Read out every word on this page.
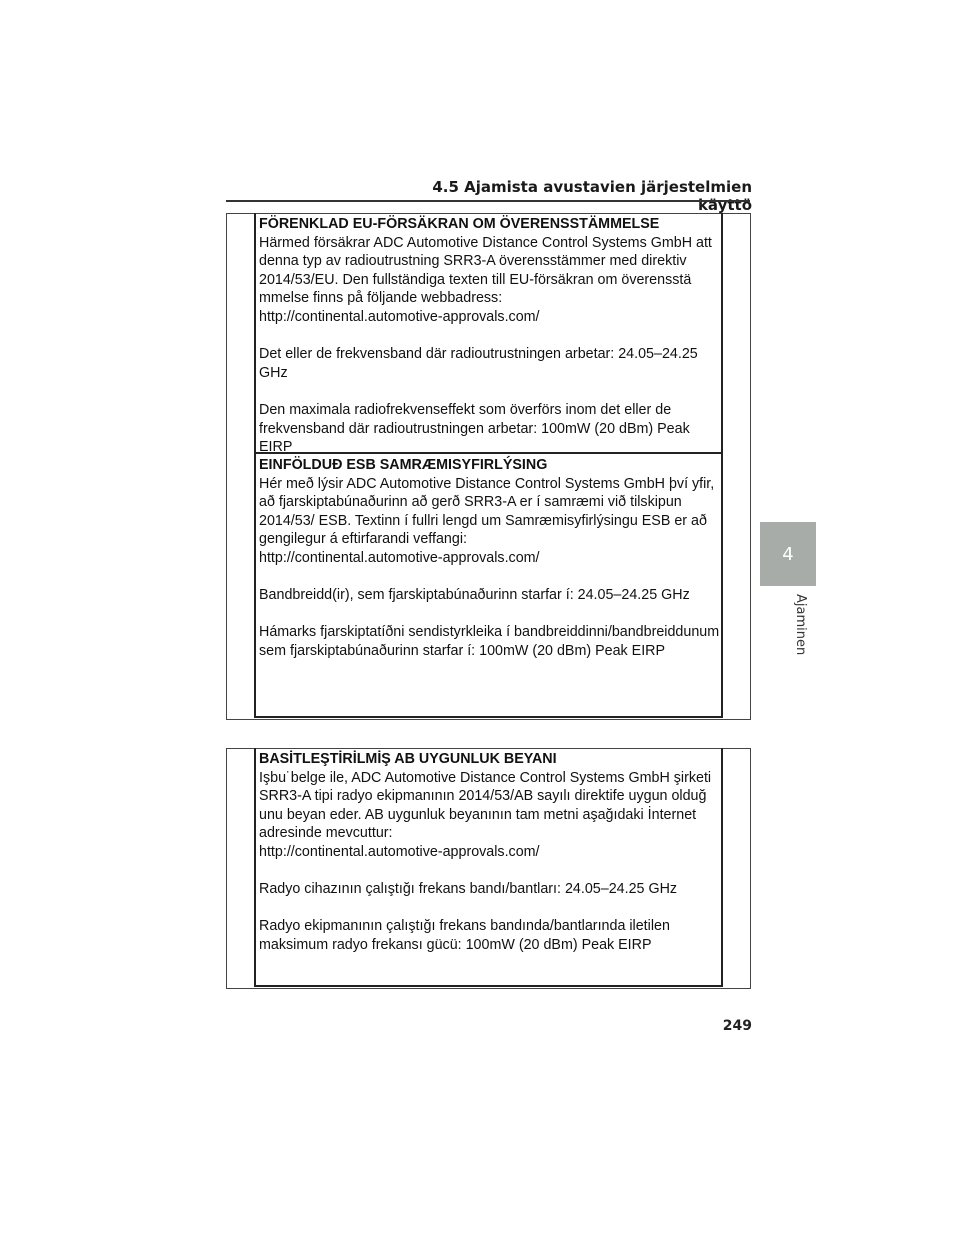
4.5 Ajamista avustavien järjestelmien käyttö
4
Ajaminen
FÖRENKLAD EU-FÖRSÄKRAN OM ÖVERENSSTÄMMELSE
Härmed försäkrar ADC Automotive Distance Control Systems GmbH att denna typ av radioutrustning SRR3-A överensstämmer med direktiv 2014/53/EU. Den fullständiga texten till EU-försäkran om överensstä mmelse finns på följande webbadress:
http://continental.automotive-approvals.com/
Det eller de frekvensband där radioutrustningen arbetar: 24.05–24.25 GHz
Den maximala radiofrekvenseffekt som överförs inom det eller de frekvensband där radioutrustningen arbetar: 100mW (20 dBm) Peak EIRP
EINFÖLDUÐ ESB SAMRÆMISYFIRLÝSING
Hér með lýsir ADC Automotive Distance Control Systems GmbH því yfir, að fjarskiptabúnaðurinn að gerð SRR3-A er í samræmi við tilskipun 2014/53/ ESB. Textinn í fullri lengd um Samræmisyfirlýsingu ESB er að gengilegur á eftirfarandi veffangi:
http://continental.automotive-approvals.com/
Bandbreidd(ir), sem fjarskiptabúnaðurinn starfar í: 24.05–24.25 GHz
Hámarks fjarskiptatíðni sendistyrkleika í bandbreiddinni/bandbreiddunum sem fjarskiptabúnaðurinn starfar í: 100mW (20 dBm) Peak EIRP
BASİTLEŞTİRİLMİŞ AB UYGUNLUK BEYANI
Işbu˙belge ile, ADC Automotive Distance Control Systems GmbH şirketi SRR3-A tipi radyo ekipmanının 2014/53/AB sayılı direktife uygun olduğ unu beyan eder. AB uygunluk beyanının tam metni aşağıdaki İnternet adresinde mevcuttur:
http://continental.automotive-approvals.com/
Radyo cihazının çalıştığı frekans bandı/bantları: 24.05–24.25 GHz
Radyo ekipmanının çalıştığı frekans bandında/bantlarında iletilen maksimum radyo frekansı gücü: 100mW (20 dBm) Peak EIRP
249
